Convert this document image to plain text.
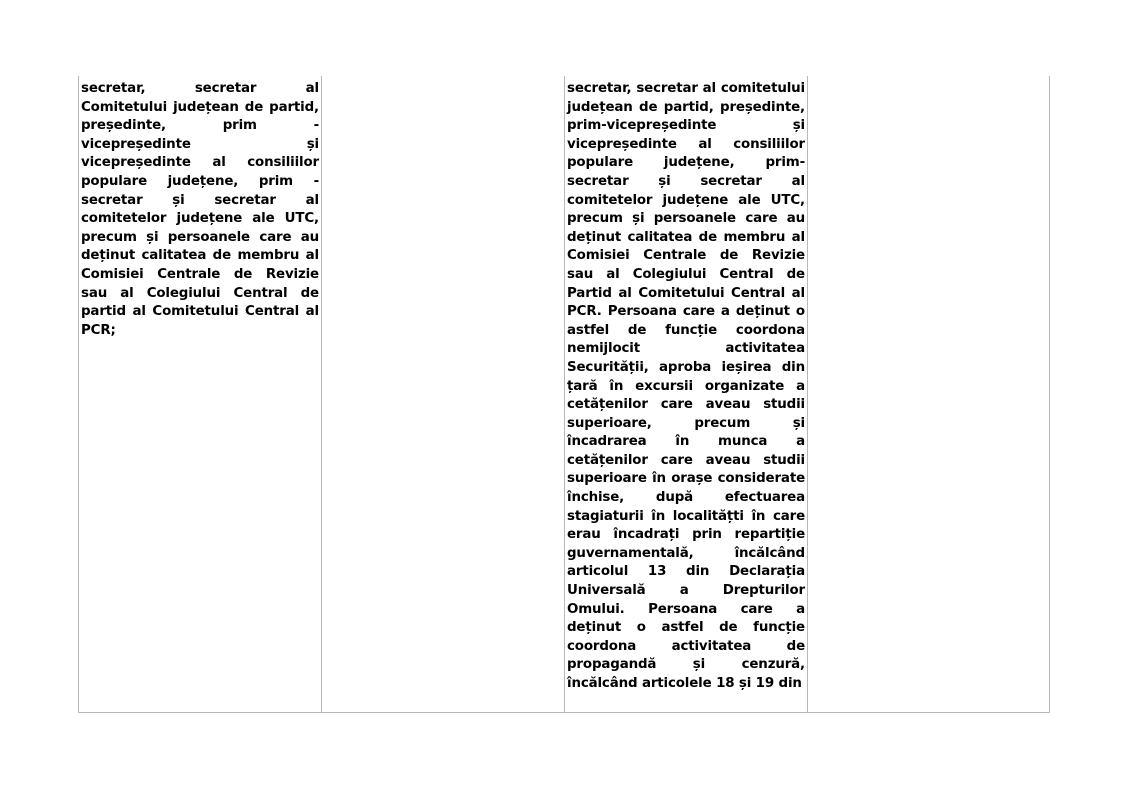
secretar, secretar al Comitetului județean de partid, președinte, prim - vicepreședinte și vicepreședinte al consiliilor populare județene, prim - secretar și secretar al comitetelor județene ale UTC, precum și persoanele care au deținut calitatea de membru al Comisiei Centrale de Revizie sau al Colegiului Central de partid al Comitetului Central al PCR;

secretar, secretar al comitetului județean de partid, președinte, prim-vicepreședinte și vicepreședinte al consiliilor populare județene, prim-secretar și secretar al comitetelor județene ale UTC, precum și persoanele care au deținut calitatea de membru al Comisiei Centrale de Revizie sau al Colegiului Central de Partid al Comitetului Central al PCR. Persoana care a deținut o astfel de funcție coordona nemijlocit activitatea Securității, aproba ieșirea din țară în excursii organizate a cetățenilor care aveau studii superioare, precum și încadrarea în munca a cetățenilor care aveau studii superioare în orașe considerate închise, după efectuarea stagiaturii în localitățti în care erau încadrați prin repartiție guvernamentală, încălcând articolul 13 din Declarația Universală a Drepturilor Omului. Persoana care a deținut o astfel de funcție coordona activitatea de propagandă și cenzură, încălcând articolele 18 și 19 din
